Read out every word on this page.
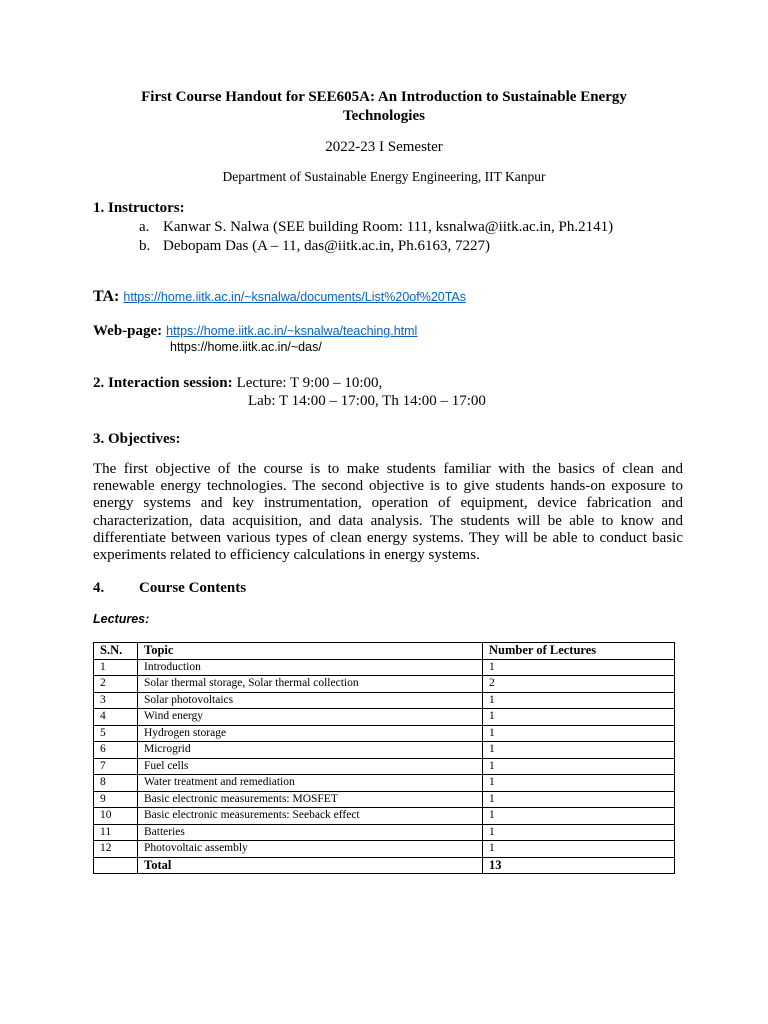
First Course Handout for SEE605A: An Introduction to Sustainable Energy
Technologies
2022-23 I Semester
Department of Sustainable Energy Engineering, IIT Kanpur
1. Instructors:
a. Kanwar S. Nalwa (SEE building Room: 111, ksnalwa@iitk.ac.in, Ph.2141)
b. Debopam Das (A – 11, das@iitk.ac.in, Ph.6163, 7227)
TA: https://home.iitk.ac.in/~ksnalwa/documents/List%20of%20TAs
Web-page: https://home.iitk.ac.in/~ksnalwa/teaching.html
https://home.iitk.ac.in/~das/
2. Interaction session: Lecture: T 9:00 – 10:00,
Lab: T 14:00 – 17:00, Th 14:00 – 17:00
3. Objectives:
The first objective of the course is to make students familiar with the basics of clean and renewable energy technologies. The second objective is to give students hands-on exposure to energy systems and key instrumentation, operation of equipment, device fabrication and characterization, data acquisition, and data analysis. The students will be able to know and differentiate between various types of clean energy systems. They will be able to conduct basic experiments related to efficiency calculations in energy systems.
4. Course Contents
Lectures:
S.N.	Topic	Number of Lectures
1	Introduction	1
2	Solar thermal storage, Solar thermal collection	2
3	Solar photovoltaics	1
4	Wind energy	1
5	Hydrogen storage	1
6	Microgrid	1
7	Fuel cells	1
8	Water treatment and remediation	1
9	Basic electronic measurements: MOSFET	1
10	Basic electronic measurements: Seeback effect	1
11	Batteries	1
12	Photovoltaic assembly	1
	Total	13
